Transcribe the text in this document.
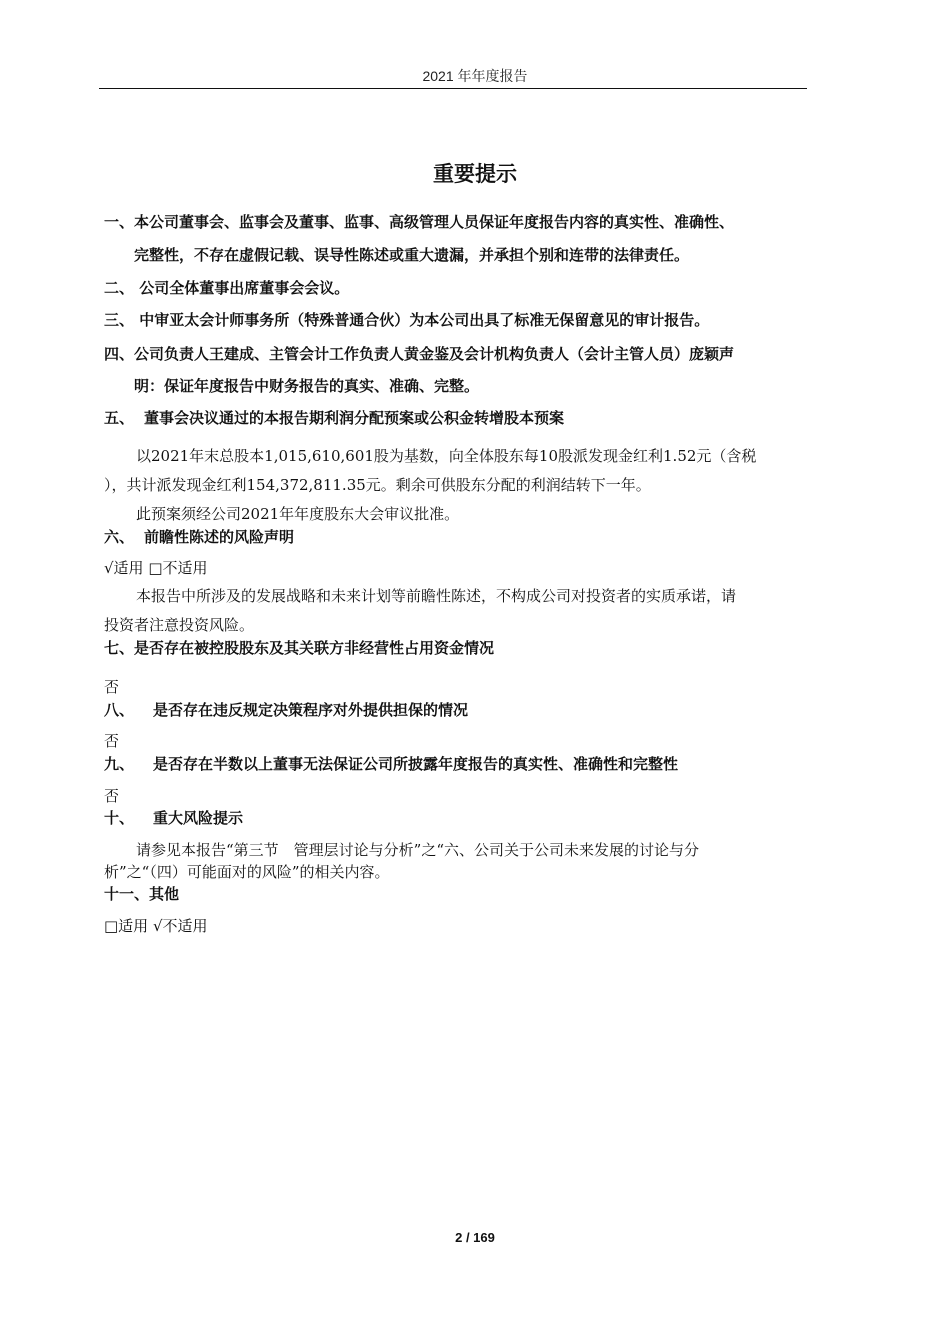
2021 年年度报告
重要提示
一、本公司董事会、监事会及董事、监事、高级管理人员保证年度报告内容的真实性、准确性、
完整性，不存在虚假记载、误导性陈述或重大遗漏，并承担个别和连带的法律责任。
二、 公司全体董事出席董事会会议。
三、 中审亚太会计师事务所（特殊普通合伙）为本公司出具了标准无保留意见的审计报告。
四、公司负责人王建成、主管会计工作负责人黄金鉴及会计机构负责人（会计主管人员）庞颖声
明：保证年度报告中财务报告的真实、准确、完整。
五、 董事会决议通过的本报告期利润分配预案或公积金转增股本预案
以2021年末总股本1,015,610,601股为基数，向全体股东每10股派发现金红利1.52元（含税
），共计派发现金红利154,372,811.35元。剩余可供股东分配的利润结转下一年。
此预案须经公司2021年年度股东大会审议批准。
六、 前瞻性陈述的风险声明
√适用 □不适用
本报告中所涉及的发展战略和未来计划等前瞻性陈述，不构成公司对投资者的实质承诺，请
投资者注意投资风险。
七、是否存在被控股股东及其关联方非经营性占用资金情况
否
八、 是否存在违反规定决策程序对外提供担保的情况
否
九、 是否存在半数以上董事无法保证公司所披露年度报告的真实性、准确性和完整性
否
十、 重大风险提示
请参见本报告“第三节　管理层讨论与分析”之“六、公司关于公司未来发展的讨论与分
析”之“（四）可能面对的风险”的相关内容。
十一、其他
□适用 √不适用
2 / 169
